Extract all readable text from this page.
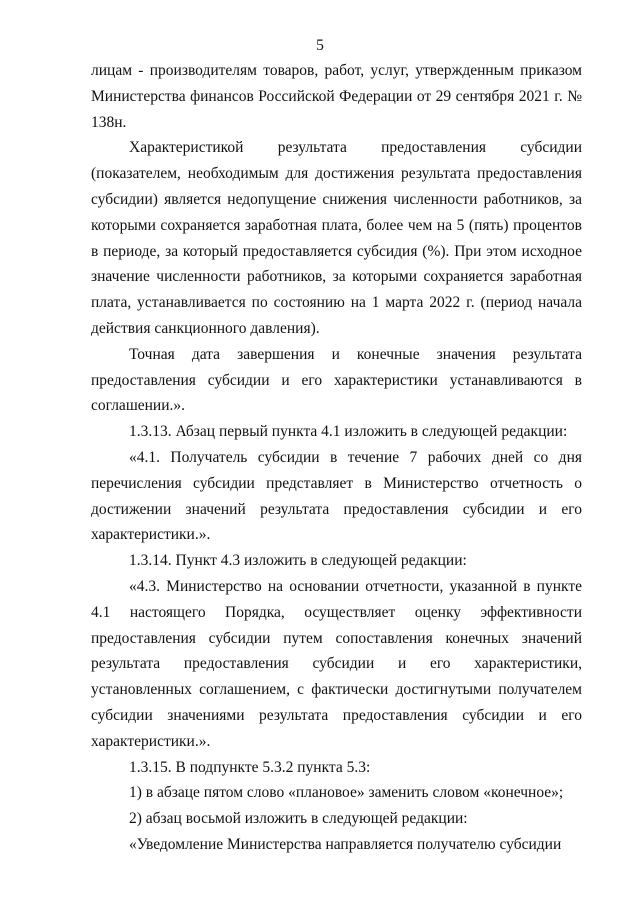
5

лицам - производителям товаров, работ, услуг, утвержденным приказом Министерства финансов Российской Федерации от 29 сентября 2021 г. № 138н.

Характеристикой результата предоставления субсидии (показателем, необходимым для достижения результата предоставления субсидии) является недопущение снижения численности работников, за которыми сохраняется заработная плата, более чем на 5 (пять) процентов в периоде, за который предоставляется субсидия (%). При этом исходное значение численности работников, за которыми сохраняется заработная плата, устанавливается по состоянию на 1 марта 2022 г. (период начала действия санкционного давления).

Точная дата завершения и конечные значения результата предоставления субсидии и его характеристики устанавливаются в соглашении.».

1.3.13. Абзац первый пункта 4.1 изложить в следующей редакции:

«4.1. Получатель субсидии в течение 7 рабочих дней со дня перечисления субсидии представляет в Министерство отчетность о достижении значений результата предоставления субсидии и его характеристики.».

1.3.14. Пункт 4.3 изложить в следующей редакции:

«4.3. Министерство на основании отчетности, указанной в пункте 4.1 настоящего Порядка, осуществляет оценку эффективности предоставления субсидии путем сопоставления конечных значений результата предоставления субсидии и его характеристики, установленных соглашением, с фактически достигнутыми получателем субсидии значениями результата предоставления субсидии и его характеристики.».

1.3.15. В подпункте 5.3.2 пункта 5.3:

1) в абзаце пятом слово «плановое» заменить словом «конечное»;

2) абзац восьмой изложить в следующей редакции:

«Уведомление Министерства направляется получателю субсидии
